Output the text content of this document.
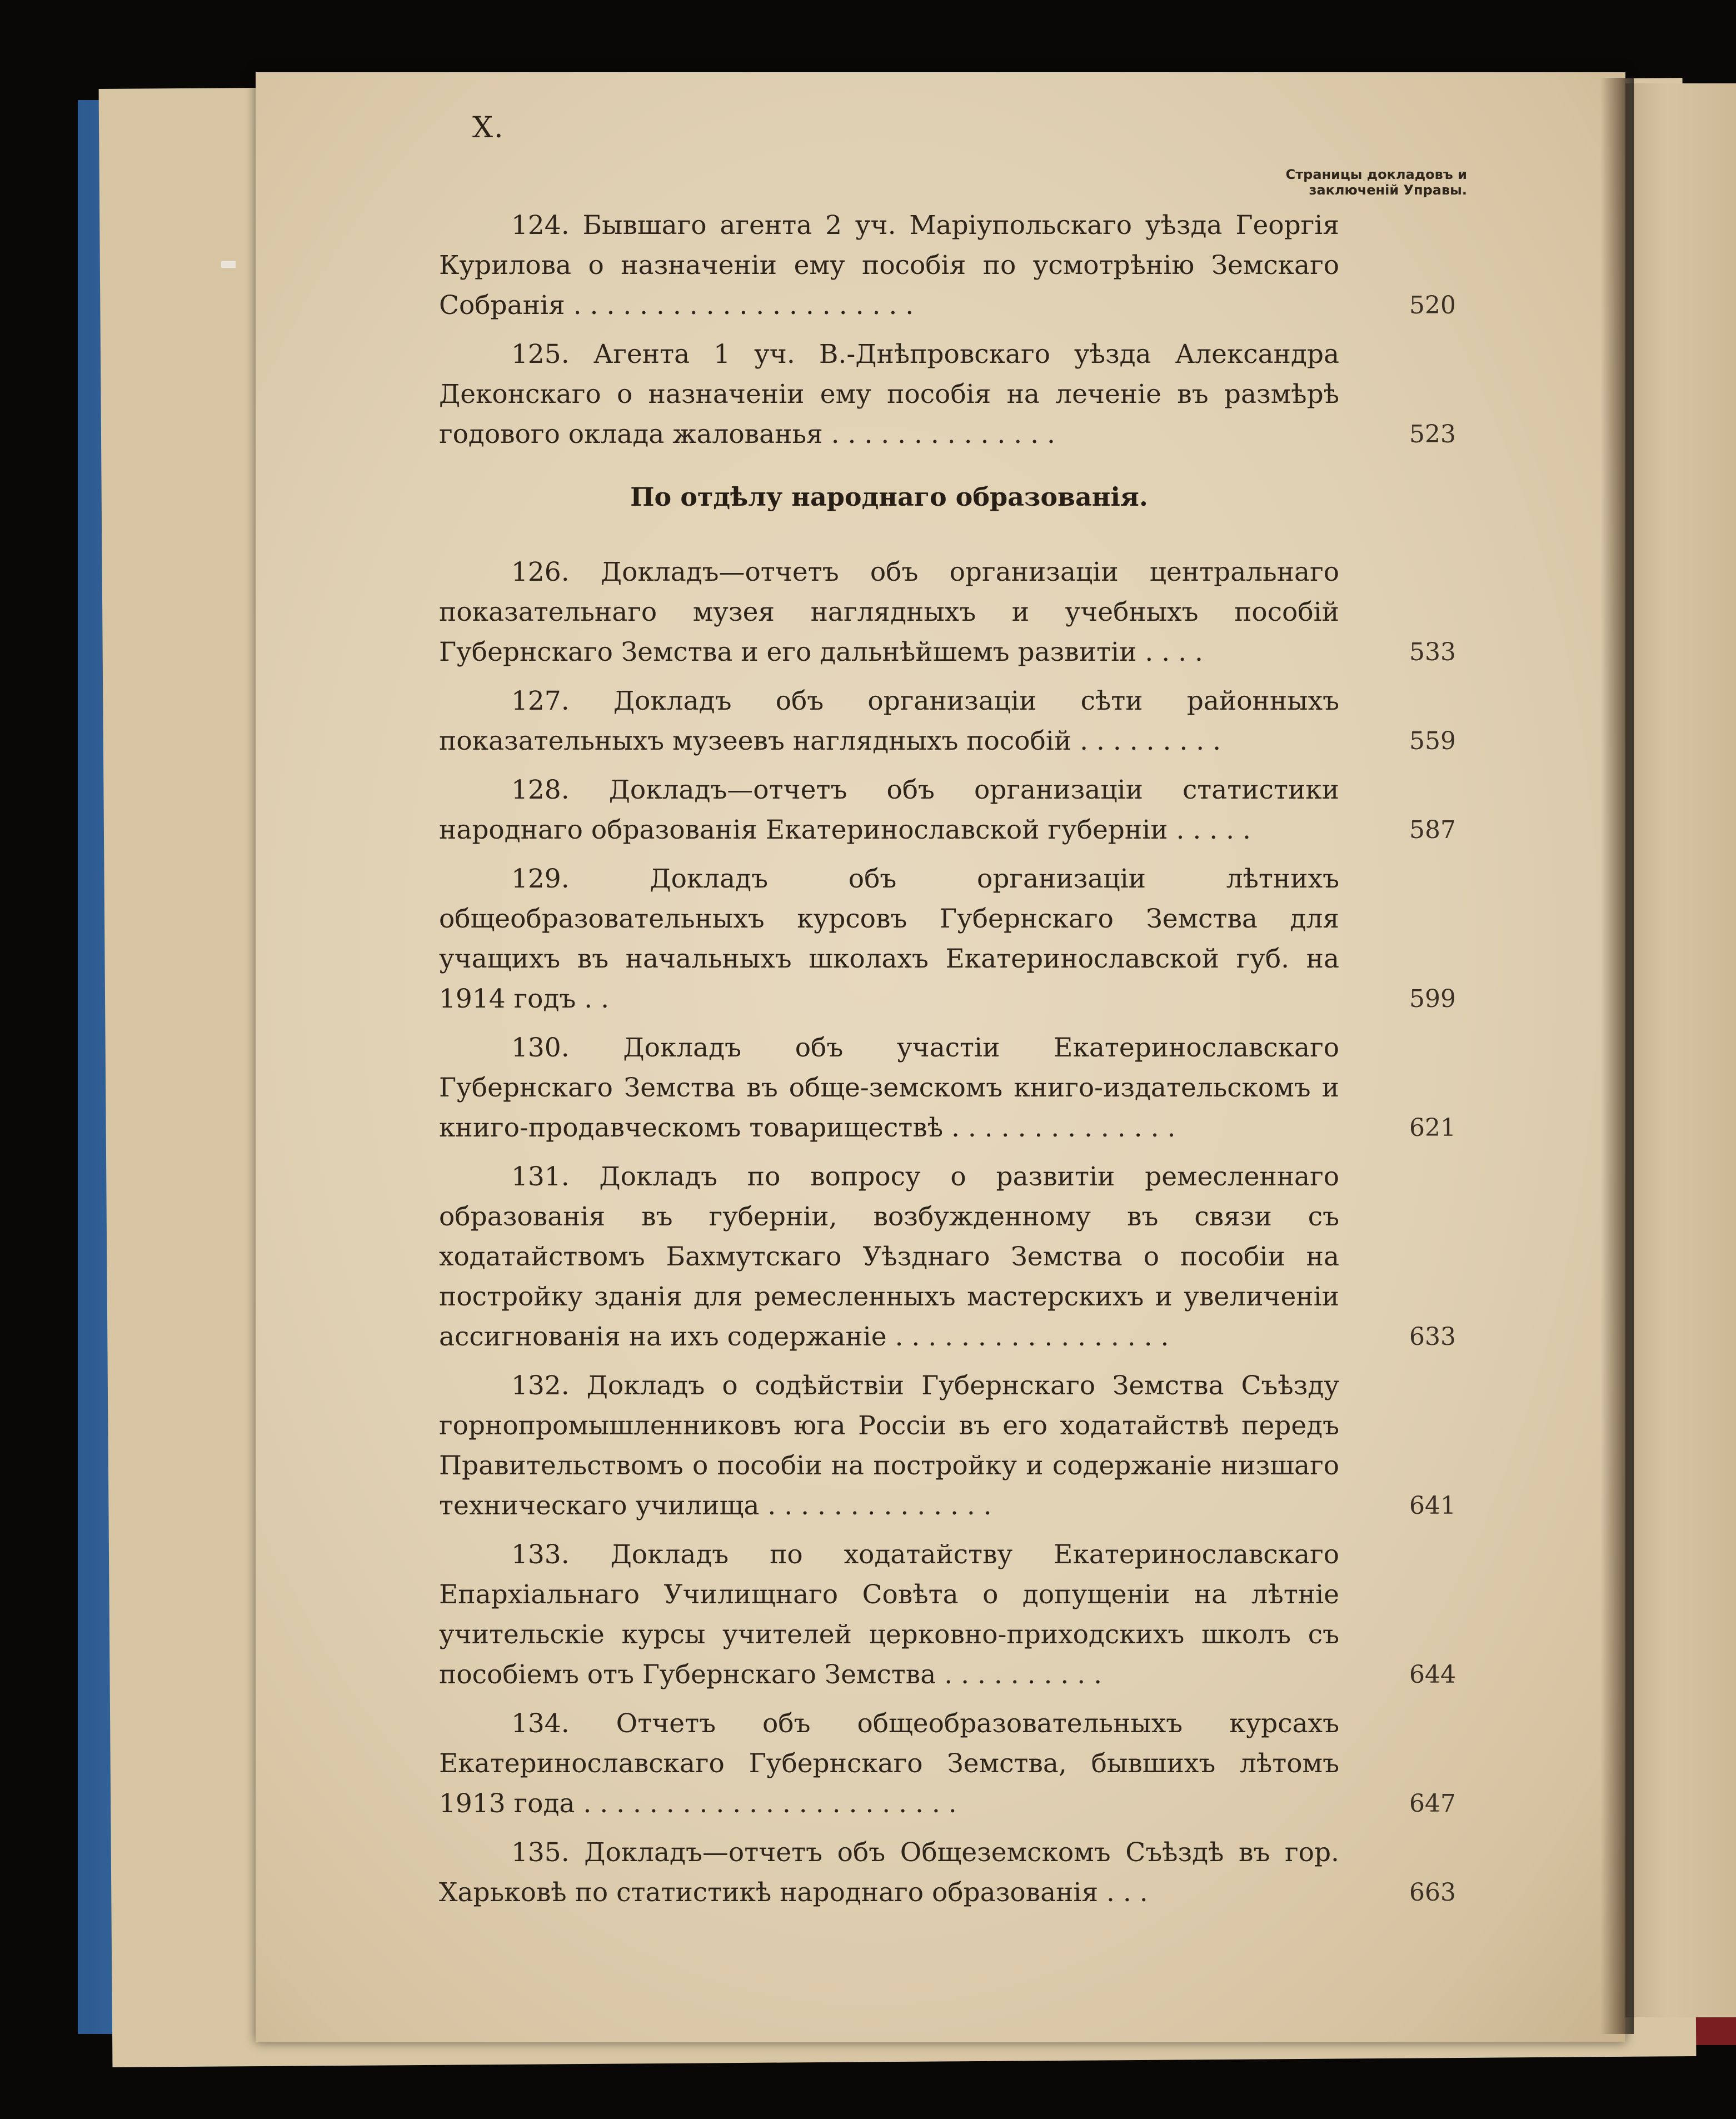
X.
Страницы докладовъ и
заключеній Управы.
124. Бывшаго агента 2 уч. Маріупольскаго уѣзда Георгія Курилова о назначеніи ему пособія по усмотрѣнію Земскаго Собранія . . . . . . . . . . . . . . . . . . . . .	520
125. Агента 1 уч. В.-Днѣпровскаго уѣзда Александра Деконскаго о назначеніи ему пособія на леченіе въ размѣрѣ годового оклада жалованья . . . . . . . . . . . . . .	523
По отдѣлу народнаго образованія.
126. Докладъ—отчетъ объ организаціи центральнаго показательнаго музея наглядныхъ и учебныхъ пособій Губернскаго Земства и его дальнѣйшемъ развитіи . . . .	533
127. Докладъ объ организаціи сѣти районныхъ показательныхъ музеевъ наглядныхъ пособій . . . . . . . . .	559
128. Докладъ—отчетъ объ организаціи статистики народнаго образованія Екатеринославской губерніи . . . . .	587
129. Докладъ объ организаціи лѣтнихъ общеобразовательныхъ курсовъ Губернскаго Земства для учащихъ въ начальныхъ школахъ Екатеринославской губ. на 1914 годъ . .	599
130. Докладъ объ участіи Екатеринославскаго Губернскаго Земства въ обще-земскомъ книго-издательскомъ и книго-продавческомъ товариществѣ . . . . . . . . . . . . . .	621
131. Докладъ по вопросу о развитіи ремесленнаго образованія въ губерніи, возбужденному въ связи съ ходатайствомъ Бахмутскаго Уѣзднаго Земства о пособіи на постройку зданія для ремесленныхъ мастерскихъ и увеличеніи ассигнованія на ихъ содержаніе . . . . . . . . . . . . . . . . .	633
132. Докладъ о содѣйствіи Губернскаго Земства Съѣзду горнопромышленниковъ юга Россіи въ его ходатайствѣ передъ Правительствомъ о пособіи на постройку и содержаніе низшаго техническаго училища . . . . . . . . . . . . . .	641
133. Докладъ по ходатайству Екатеринославскаго Епархіальнаго Училищнаго Совѣта о допущеніи на лѣтніе учительскіе курсы учителей церковно-приходскихъ школъ съ пособіемъ отъ Губернскаго Земства . . . . . . . . . .	644
134. Отчетъ объ общеобразовательныхъ курсахъ Екатеринославскаго Губернскаго Земства, бывшихъ лѣтомъ 1913 года . . . . . . . . . . . . . . . . . . . . . . .	647
135. Докладъ—отчетъ объ Общеземскомъ Съѣздѣ въ гор. Харьковѣ по статистикѣ народнаго образованія . . .	663
